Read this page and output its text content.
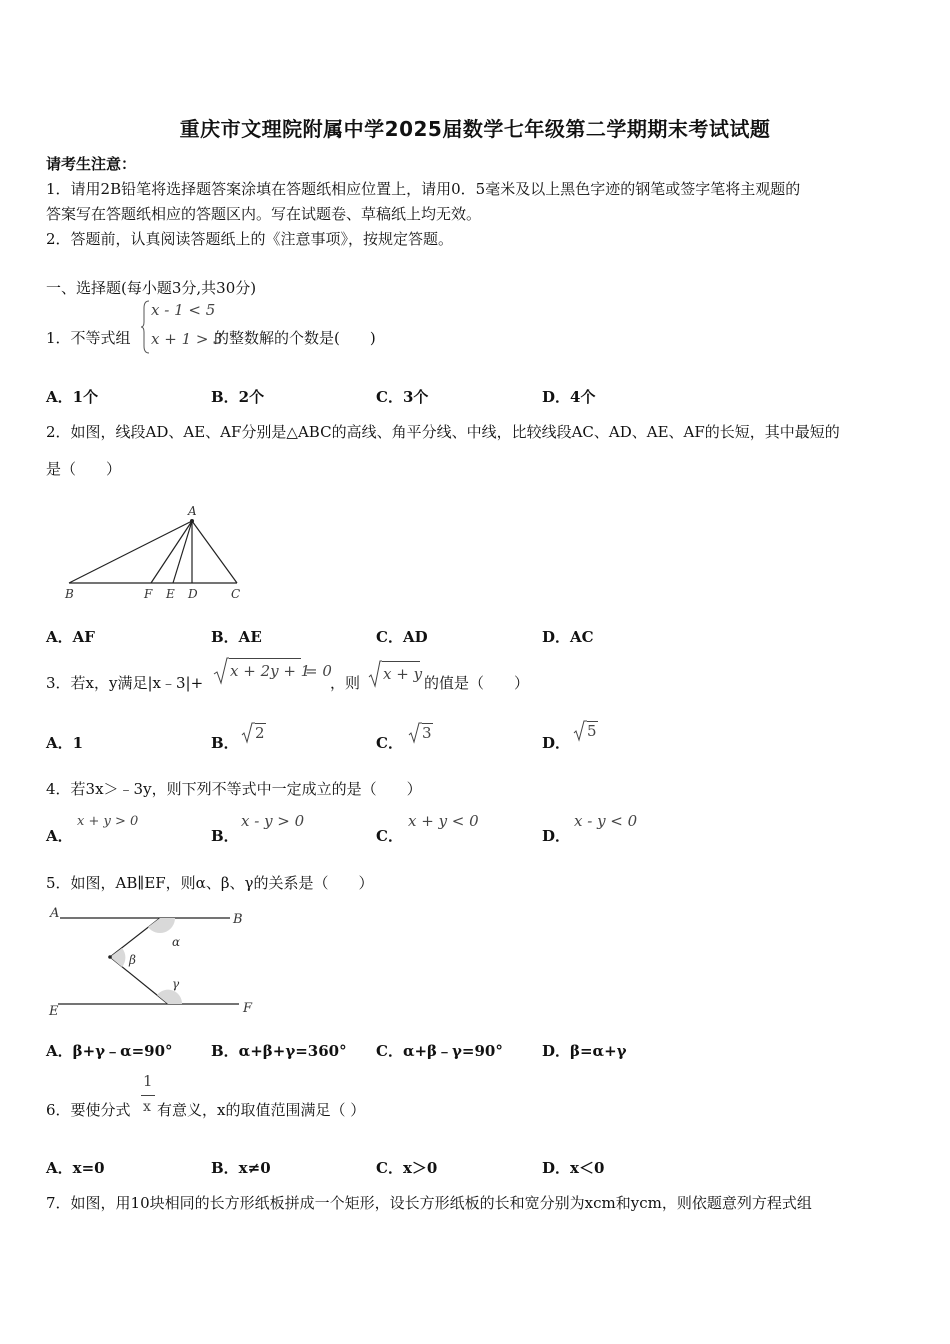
重庆市文理院附属中学2025届数学七年级第二学期期末考试试题
请考生注意：
1．请用2B铅笔将选择题答案涂填在答题纸相应位置上，请用0．5毫米及以上黑色字迹的钢笔或签字笔将主观题的
答案写在答题纸相应的答题区内。写在试题卷、草稿纸上均无效。
2．答题前，认真阅读答题纸上的《注意事项》，按规定答题。
一、选择题(每小题3分,共30分)
1．不等式组
x - 1 < 5
x + 1 > 3
的整数解的个数是(　　)
A．1个	B．2个	C．3个	D．4个
2．如图，线段AD、AE、AF分别是△ABC的高线、角平分线、中线，比较线段AC、AD、AE、AF的长短，其中最短的
是（　　）
A
B	F E D	C
A．AF	B．AE	C．AD	D．AC
3．若x，y满足|x﹣3|+
x + 2y + 1
= 0
，则 x + y 的值是（　　）
A．1	B．
2
C．
3
D．
5
4．若3x＞﹣3y，则下列不等式中一定成立的是（　　）
A．
x + y > 0
B．
x - y > 0
C．
x + y < 0
D．
x - y < 0
5．如图，AB∥EF，则α、β、γ的关系是（　　）
A	B
E	F
α
β
γ
A．β+γ﹣α=90°	B．α+β+γ=360° C．α+β﹣γ=90°	D．β=α+γ
6．要使分式
1
x 有意义，x的取值范围满足（ ）
A．x=0	B．x≠0	C．x＞0	D．x＜0
7．如图，用10块相同的长方形纸板拼成一个矩形，设长方形纸板的长和宽分别为xcm和ycm，则依题意列方程式组
